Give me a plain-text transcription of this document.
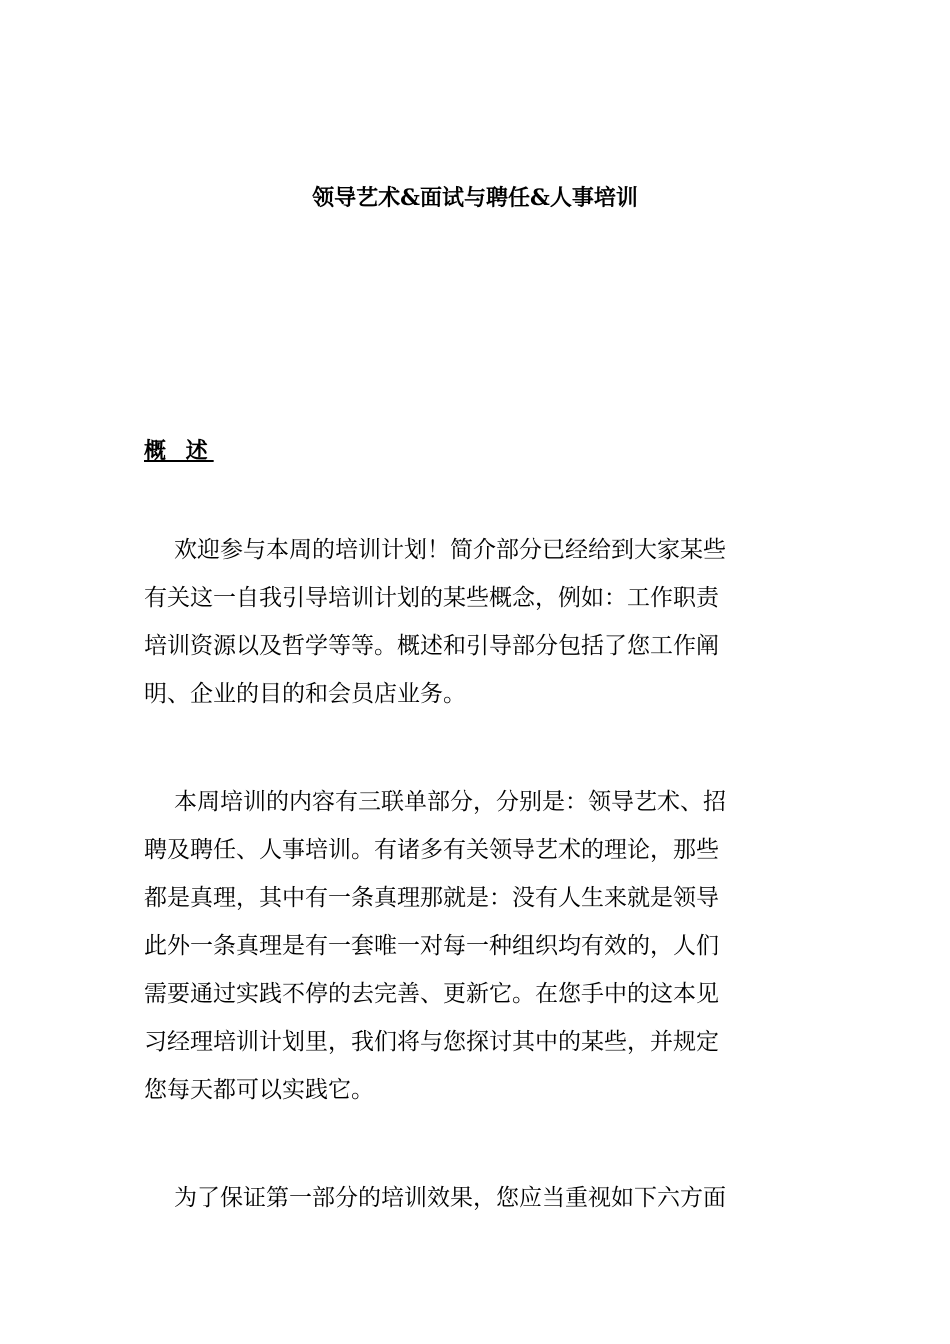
领导艺术&面试与聘任&人事培训
概 述

欢迎参与本周的培训计划！简介部分已经给到大家某些
有关这一自我引导培训计划的某些概念，例如：工作职责
培训资源以及哲学等等。概述和引导部分包括了您工作阐
明、企业的目的和会员店业务。

本周培训的内容有三联单部分，分别是：领导艺术、招
聘及聘任、人事培训。有诸多有关领导艺术的理论，那些
都是真理，其中有一条真理那就是：没有人生来就是领导
此外一条真理是有一套唯一对每一种组织均有效的，人们
需要通过实践不停的去完善、更新它。在您手中的这本见
习经理培训计划里，我们将与您探讨其中的某些，并规定
您每天都可以实践它。

为了保证第一部分的培训效果，您应当重视如下六方面
